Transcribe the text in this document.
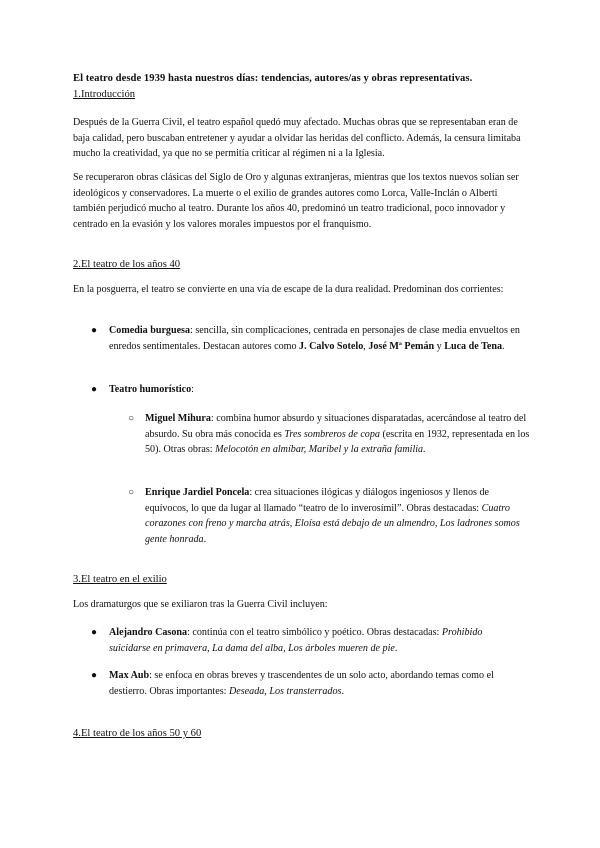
El teatro desde 1939 hasta nuestros días: tendencias, autores/as y obras representativas.
1.Introducción

Después de la Guerra Civil, el teatro español quedó muy afectado. Muchas obras que se representaban eran de baja calidad, pero buscaban entretener y ayudar a olvidar las heridas del conflicto. Además, la censura limitaba mucho la creatividad, ya que no se permitía criticar al régimen ni a la Iglesia.

Se recuperaron obras clásicas del Siglo de Oro y algunas extranjeras, mientras que los textos nuevos solían ser ideológicos y conservadores. La muerte o el exilio de grandes autores como Lorca, Valle-Inclán o Alberti también perjudicó mucho al teatro. Durante los años 40, predominó un teatro tradicional, poco innovador y centrado en la evasión y los valores morales impuestos por el franquismo.

2.El teatro de los años 40

En la posguerra, el teatro se convierte en una vía de escape de la dura realidad. Predominan dos corrientes:

● Comedia burguesa: sencilla, sin complicaciones, centrada en personajes de clase media envueltos en enredos sentimentales. Destacan autores como J. Calvo Sotelo, José Mª Pemán y Luca de Tena.

● Teatro humorístico:

○ Miguel Mihura: combina humor absurdo y situaciones disparatadas, acercándose al teatro del absurdo. Su obra más conocida es Tres sombreros de copa (escrita en 1932, representada en los 50). Otras obras: Melocotón en almíbar, Maribel y la extraña familia.

○ Enrique Jardiel Poncela: crea situaciones ilógicas y diálogos ingeniosos y llenos de equívocos, lo que da lugar al llamado “teatro de lo inverosímil”. Obras destacadas: Cuatro corazones con freno y marcha atrás, Eloísa está debajo de un almendro, Los ladrones somos gente honrada.

3.El teatro en el exilio

Los dramaturgos que se exiliaron tras la Guerra Civil incluyen:

● Alejandro Casona: continúa con el teatro simbólico y poético. Obras destacadas: Prohibido suicidarse en primavera, La dama del alba, Los árboles mueren de pie.

● Max Aub: se enfoca en obras breves y trascendentes de un solo acto, abordando temas como el destierro. Obras importantes: Deseada, Los transterrados.

4.El teatro de los años 50 y 60
